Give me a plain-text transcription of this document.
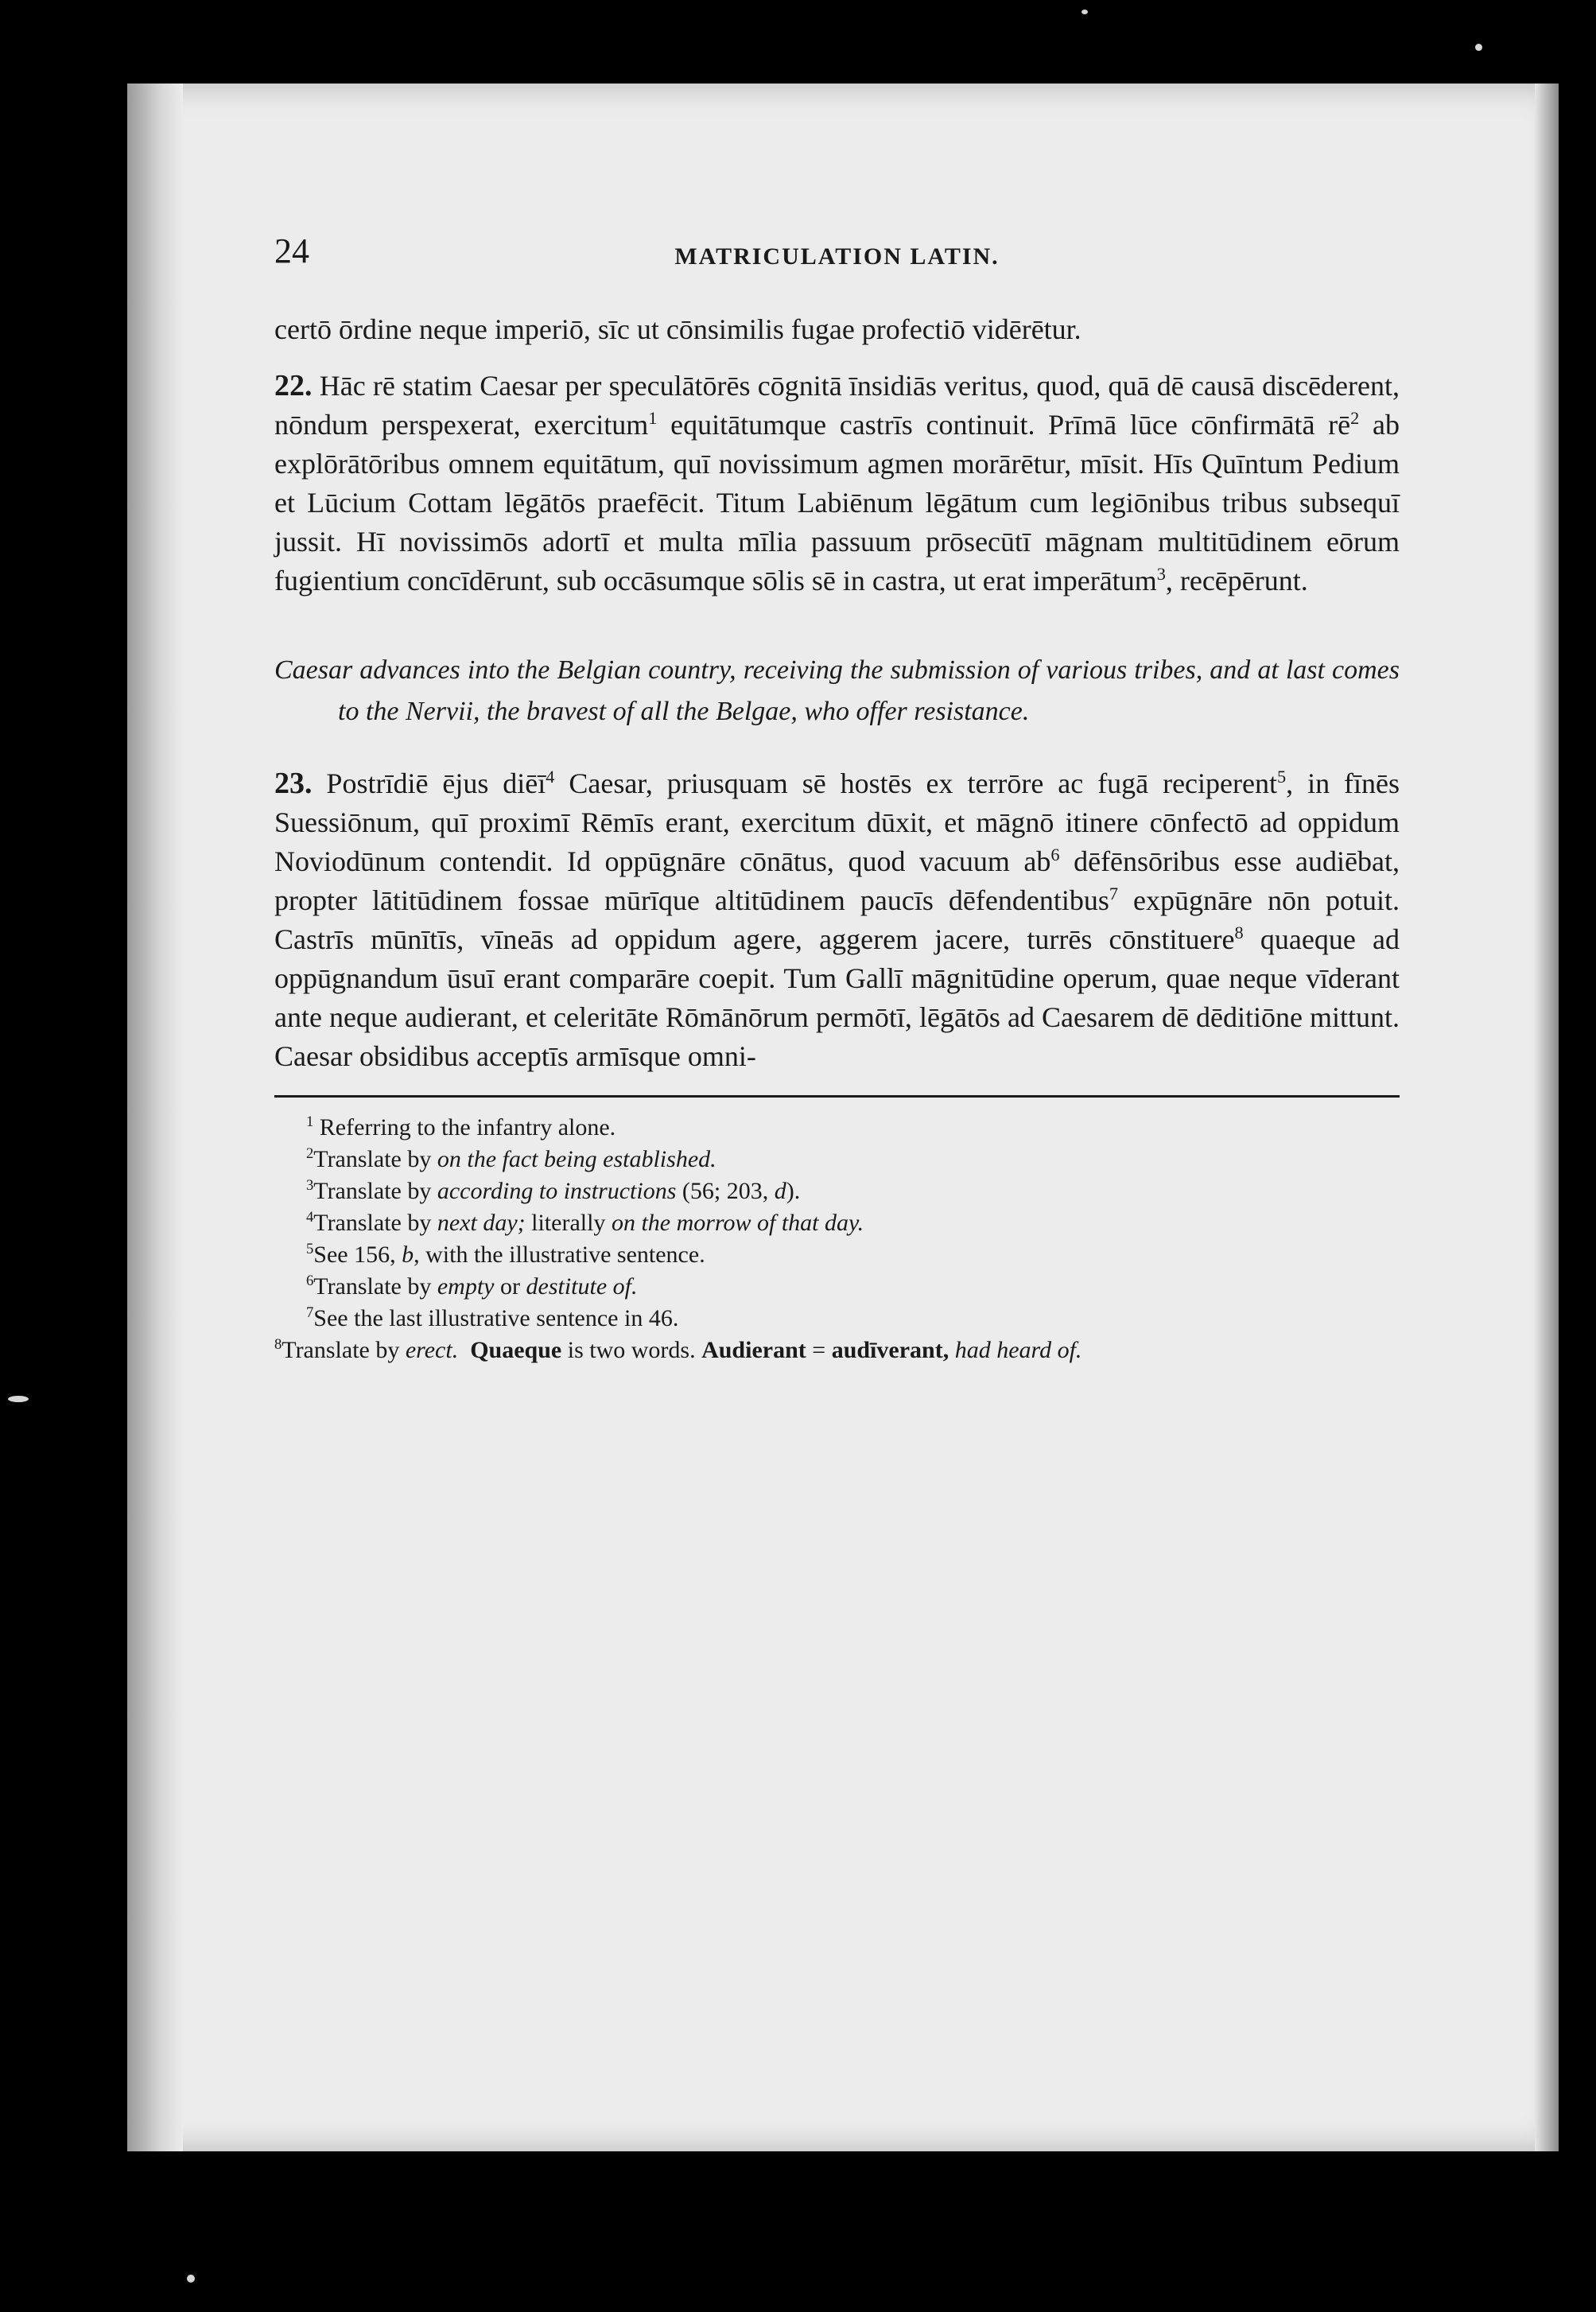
24	MATRICULATION LATIN.

certō ōrdine neque imperiō, sīc ut cōnsimilis fugae profectiō vidērētur.

22. Hāc rē statim Caesar per speculātōrēs cōgnitā īnsidiās veritus, quod, quā dē causā discēderent, nōndum perspexerat, exercitum$^1$ equitātumque castrīs continuit. Prīmā lūce cōnfirmātā $rē^2$ ab explōrātōribus omnem equitātum, quī novissimum agmen morārētur, mīsit. Hīs Quīntum Pedium et Lūcium Cottam lēgātōs praefēcit. Titum Labiēnum lēgātum cum legiōnibus tribus subsequī jussit. Hī novissimōs adortī et multa mīlia passuum prōsecūtī māgnam multitūdinem eōrum fugientium concīdērunt, sub occāsumque sōlis sē in castra, ut erat imperātum$^3$, recēpērunt.

Caesar advances into the Belgian country, receiving the submission of various tribes, and at last comes to the Nervii, the bravest of all the Belgae, who offer resistance.

23. Postrīdiē ējus diēī$^4$ Caesar, priusquam sē hostēs ex terrōre ac fugā reciperent$^5$, in fīnēs Suessiōnum, quī proximī Rēmīs erant, exercitum dūxit, et māgnō itinere cōnfectō ad oppidum Noviodūnum contendit. Id oppūgnāre cōnātus, quod vacuum $ab^6$ dēfēnsōribus esse audiēbat, propter lātitūdinem fossae mūrīque altitūdinem paucīs dēfendentibus$^7$ expūgnāre nōn potuit. Castrīs mūnītīs, vīneās ad oppidum agere, aggerem jacere, turrēs cōnstituere$^8$ quaeque ad oppūgnandum ūsuī erant comparāre coepit. Tum Gallī māgnitūdine operum, quae neque vīderant ante neque audierant, et celeritāte Rōmānōrum permōtī, lēgātōs ad Caesarem dē dēditiōne mittunt. Caesar obsidibus acceptīs armīsque omni-

$^1$ Referring to the infantry alone.

$^2$Translate by on the fact being established.

$^3$Translate by according to instructions (56; 203, d).

$^4$Translate by next day; literally on the morrow of that day.

$^5$See 156, b, with the illustrative sentence.

$^6$Translate by empty or destitute of.

$^7$See the last illustrative sentence in 46.

$^8$Translate by erect. Quaeque is two words. Audierant = audīverant, had heard of.
